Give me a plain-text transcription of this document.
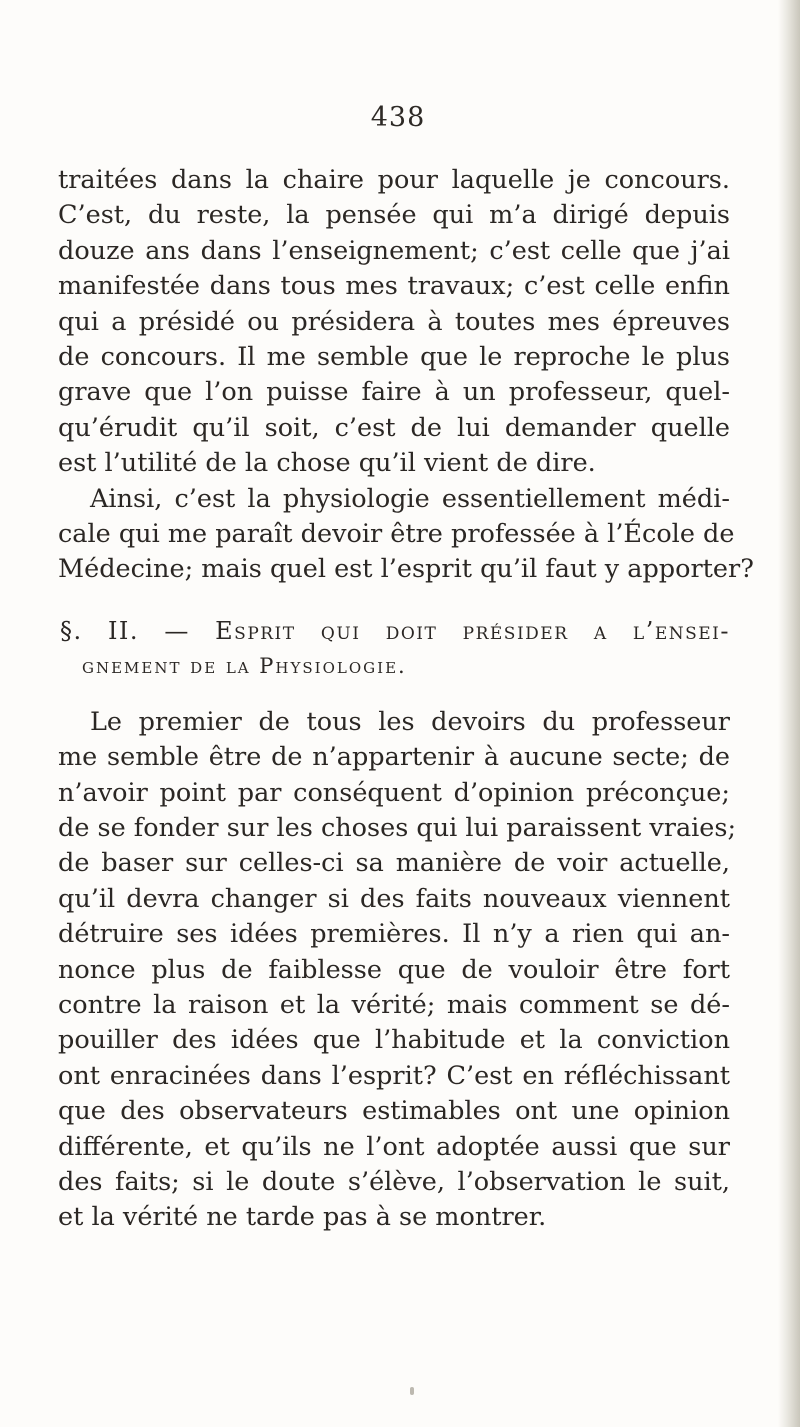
438
traitées dans la chaire pour laquelle je concours.
C’est, du reste, la pensée qui m’a dirigé depuis
douze ans dans l’enseignement; c’est celle que j’ai
manifestée dans tous mes travaux; c’est celle enfin
qui a présidé ou présidera à toutes mes épreuves
de concours. Il me semble que le reproche le plus
grave que l’on puisse faire à un professeur, quel-
qu’érudit qu’il soit, c’est de lui demander quelle
est l’utilité de la chose qu’il vient de dire.
Ainsi, c’est la physiologie essentiellement médi-
cale qui me paraît devoir être professée à l’École de
Médecine; mais quel est l’esprit qu’il faut y apporter?
§. II. — Esprit qui doit présider a l’ensei-
gnement de la Physiologie.
Le premier de tous les devoirs du professeur
me semble être de n’appartenir à aucune secte; de
n’avoir point par conséquent d’opinion préconçue;
de se fonder sur les choses qui lui paraissent vraies;
de baser sur celles-ci sa manière de voir actuelle,
qu’il devra changer si des faits nouveaux viennent
détruire ses idées premières. Il n’y a rien qui an-
nonce plus de faiblesse que de vouloir être fort
contre la raison et la vérité; mais comment se dé-
pouiller des idées que l’habitude et la conviction
ont enracinées dans l’esprit? C’est en réfléchissant
que des observateurs estimables ont une opinion
différente, et qu’ils ne l’ont adoptée aussi que sur
des faits; si le doute s’élève, l’observation le suit,
et la vérité ne tarde pas à se montrer.
